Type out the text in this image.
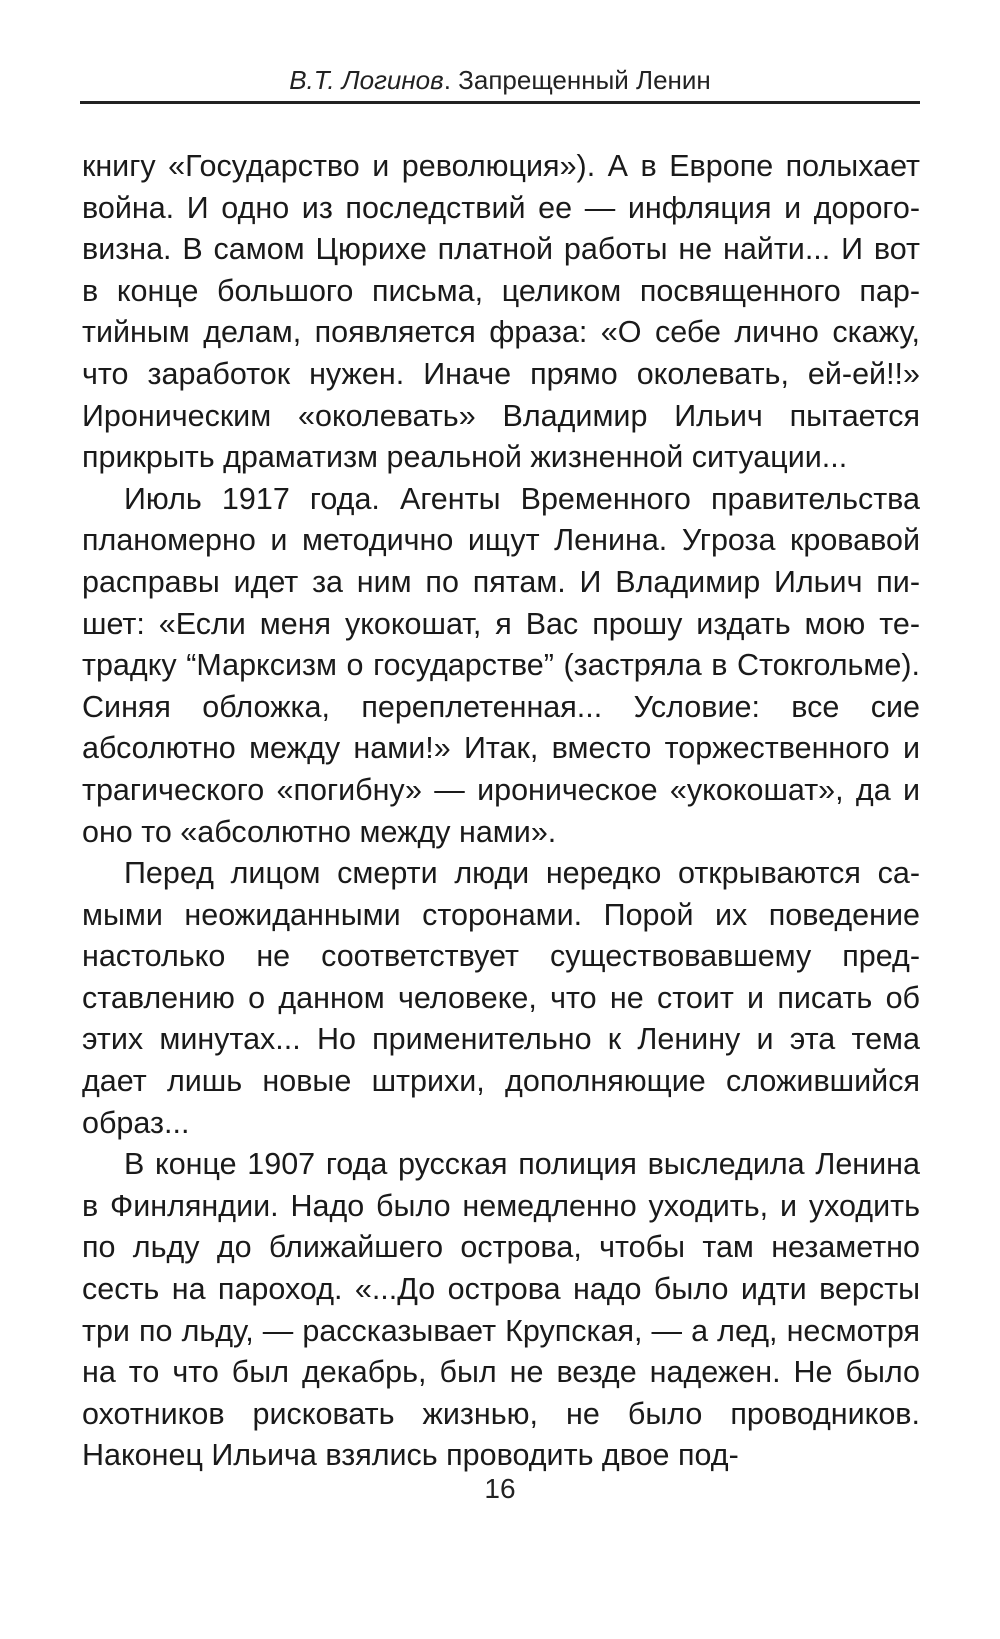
В.Т. Логинов. Запрещенный Ленин

книгу «Государство и революция»). А в Европе полыхает война. И одно из последствий ее — инфляция и дороговизна. В самом Цюрихе платной работы не найти... И вот в конце большого письма, целиком посвященного партийным делам, появляется фраза: «О себе лично скажу, что заработок нужен. Иначе прямо околевать, ей-ей!!» Ироническим «околевать» Владимир Ильич пытается прикрыть драматизм реальной жизненной ситуации...

Июль 1917 года. Агенты Временного правительства планомерно и методично ищут Ленина. Угроза кровавой расправы идет за ним по пятам. И Владимир Ильич пишет: «Если меня укокошат, я Вас прошу издать мою тетрадку “Марксизм о государстве” (застряла в Стокгольме). Синяя обложка, переплетенная... Условие: все сие абсолютно между нами!» Итак, вместо торжественного и трагического «погибну» — ироническое «укокошат», да и оно то «абсолютно между нами».

Перед лицом смерти люди нередко открываются самыми неожиданными сторонами. Порой их поведение настолько не соответствует существовавшему представлению о данном человеке, что не стоит и писать об этих минутах... Но применительно к Ленину и эта тема дает лишь новые штрихи, дополняющие сложившийся образ...

В конце 1907 года русская полиция выследила Ленина в Финляндии. Надо было немедленно уходить, и уходить по льду до ближайшего острова, чтобы там незаметно сесть на пароход. «...До острова надо было идти версты три по льду, — рассказывает Крупская, — а лед, несмотря на то что был декабрь, был не везде надежен. Не было охотников рисковать жизнью, не было проводников. Наконец Ильича взялись проводить двое под-

16
